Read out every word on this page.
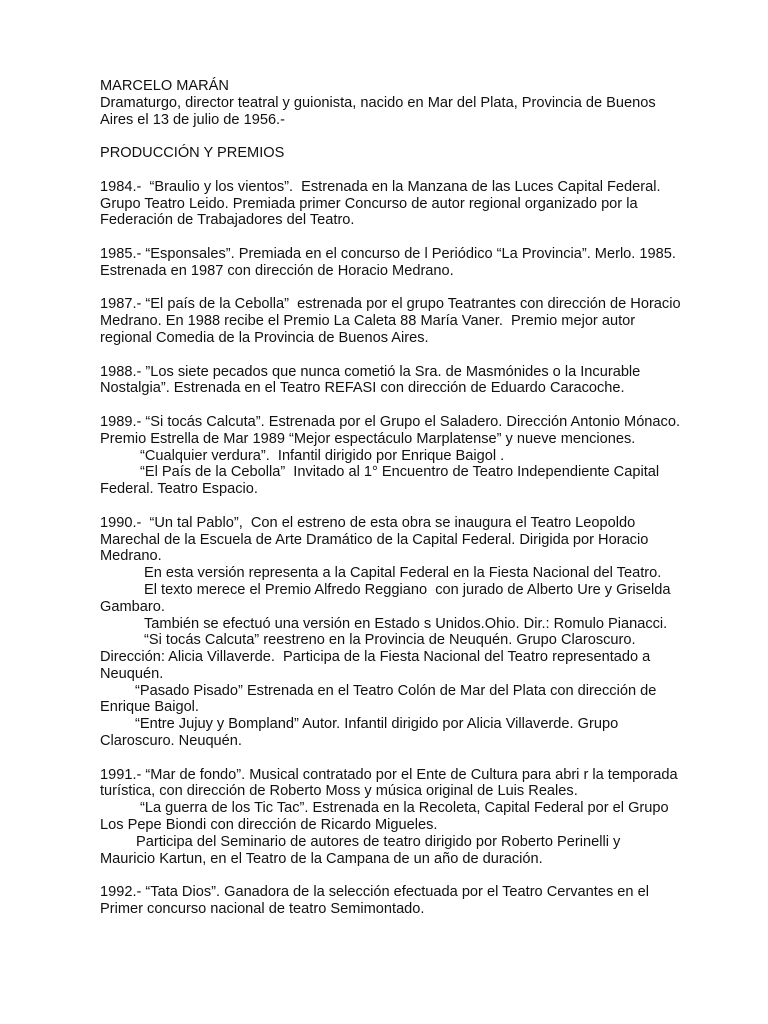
MARCELO MARÁN
Dramaturgo, director teatral y guionista, nacido en Mar del Plata, Provincia de Buenos
Aires el 13 de julio de 1956.-
PRODUCCIÓN Y PREMIOS
1984.-  “Braulio y los vientos”.  Estrenada en la Manzana de las Luces Capital Federal.
Grupo Teatro Leido. Premiada primer Concurso de autor regional organizado por la
Federación de Trabajadores del Teatro.
1985.- “Esponsales”. Premiada en el concurso de l Periódico “La Provincia”. Merlo. 1985.
Estrenada en 1987 con dirección de Horacio Medrano.
1987.- “El país de la Cebolla”  estrenada por el grupo Teatrantes con dirección de Horacio
Medrano. En 1988 recibe el Premio La Caleta 88 María Vaner.  Premio mejor autor
regional Comedia de la Provincia de Buenos Aires.
1988.- ”Los siete pecados que nunca cometió la Sra. de Masmónides o la Incurable
Nostalgia”. Estrenada en el Teatro REFASI con dirección de Eduardo Caracoche.
1989.- “Si tocás Calcuta”. Estrenada por el Grupo el Saladero. Dirección Antonio Mónaco.
Premio Estrella de Mar 1989 “Mejor espectáculo Marplatense” y nueve menciones.
“Cualquier verdura”.  Infantil dirigido por Enrique Baigol .
“El País de la Cebolla”  Invitado al 1° Encuentro de Teatro Independiente Capital
Federal. Teatro Espacio.
1990.-  “Un tal Pablo”,  Con el estreno de esta obra se inaugura el Teatro Leopoldo
Marechal de la Escuela de Arte Dramático de la Capital Federal. Dirigida por Horacio
Medrano.
En esta versión representa a la Capital Federal en la Fiesta Nacional del Teatro.
El texto merece el Premio Alfredo Reggiano  con jurado de Alberto Ure y Griselda
Gambaro.
También se efectuó una versión en Estado s Unidos.Ohio. Dir.: Romulo Pianacci.
“Si tocás Calcuta” reestreno en la Provincia de Neuquén. Grupo Claroscuro.
Dirección: Alicia Villaverde.  Participa de la Fiesta Nacional del Teatro representado a
Neuquén.
“Pasado Pisado” Estrenada en el Teatro Colón de Mar del Plata con dirección de
Enrique Baigol.
“Entre Jujuy y Bompland” Autor. Infantil dirigido por Alicia Villaverde. Grupo
Claroscuro. Neuquén.
1991.- “Mar de fondo”. Musical contratado por el Ente de Cultura para abri r la temporada
turística, con dirección de Roberto Moss y música original de Luis Reales.
“La guerra de los Tic Tac”. Estrenada en la Recoleta, Capital Federal por el Grupo
Los Pepe Biondi con dirección de Ricardo Migueles.
Participa del Seminario de autores de teatro dirigido por Roberto Perinelli y
Mauricio Kartun, en el Teatro de la Campana de un año de duración.
1992.- “Tata Dios”. Ganadora de la selección efectuada por el Teatro Cervantes en el
Primer concurso nacional de teatro Semimontado.
